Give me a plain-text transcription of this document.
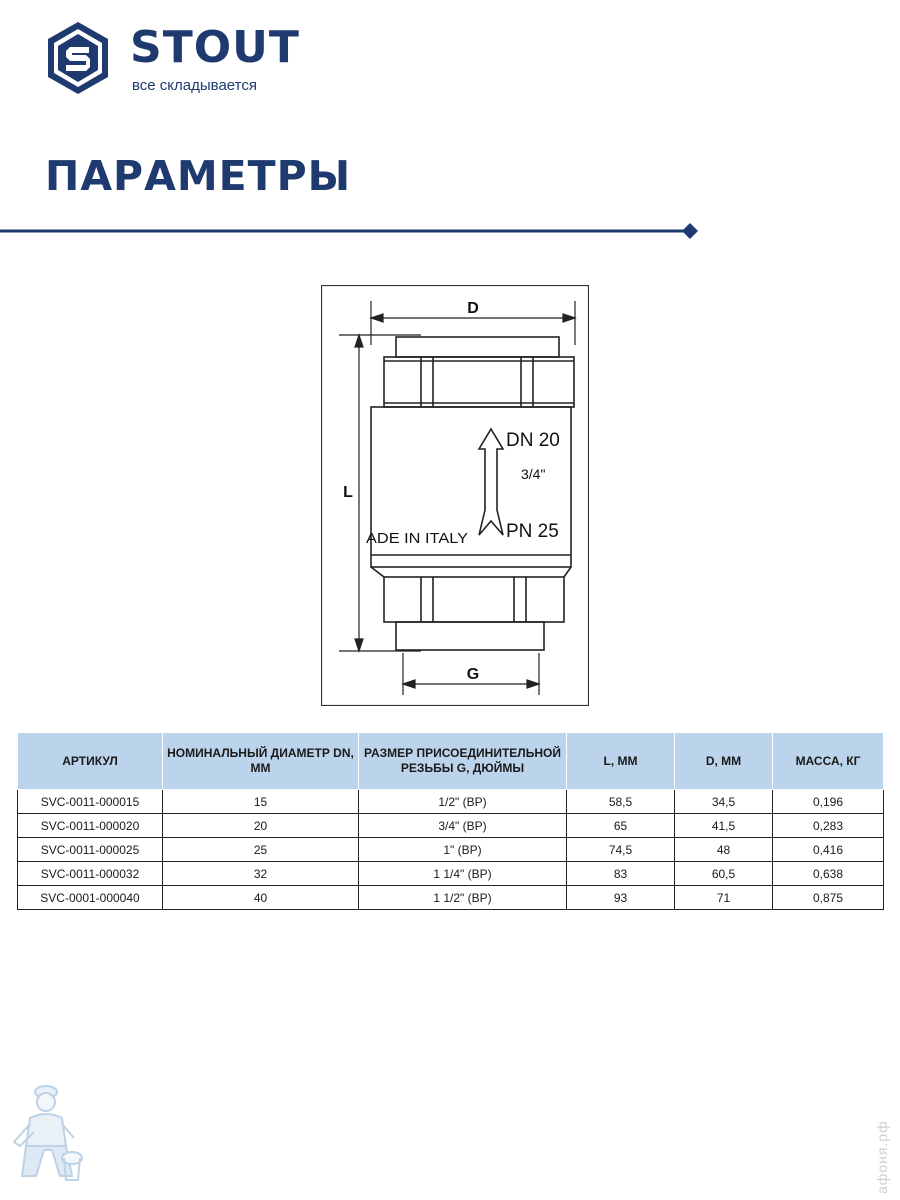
STOUT
все складывается
ПАРАМЕТРЫ
D
L
G
DN 20
3/4"
PN 25
ADE IN ITALY
АРТИКУЛ	НОМИНАЛЬНЫЙ ДИАМЕТР DN, ММ	РАЗМЕР ПРИСОЕДИНИТЕЛЬНОЙ РЕЗЬБЫ G, ДЮЙМЫ	L, ММ	D, ММ	МАССА, КГ
SVC-0011-000015	15	1/2" (ВР)	58,5	34,5	0,196
SVC-0011-000020	20	3/4" (ВР)	65	41,5	0,283
SVC-0011-000025	25	1" (ВР)	74,5	48	0,416
SVC-0011-000032	32	1 1/4" (ВР)	83	60,5	0,638
SVC-0001-000040	40	1 1/2" (ВР)	93	71	0,875
афоня.рф
